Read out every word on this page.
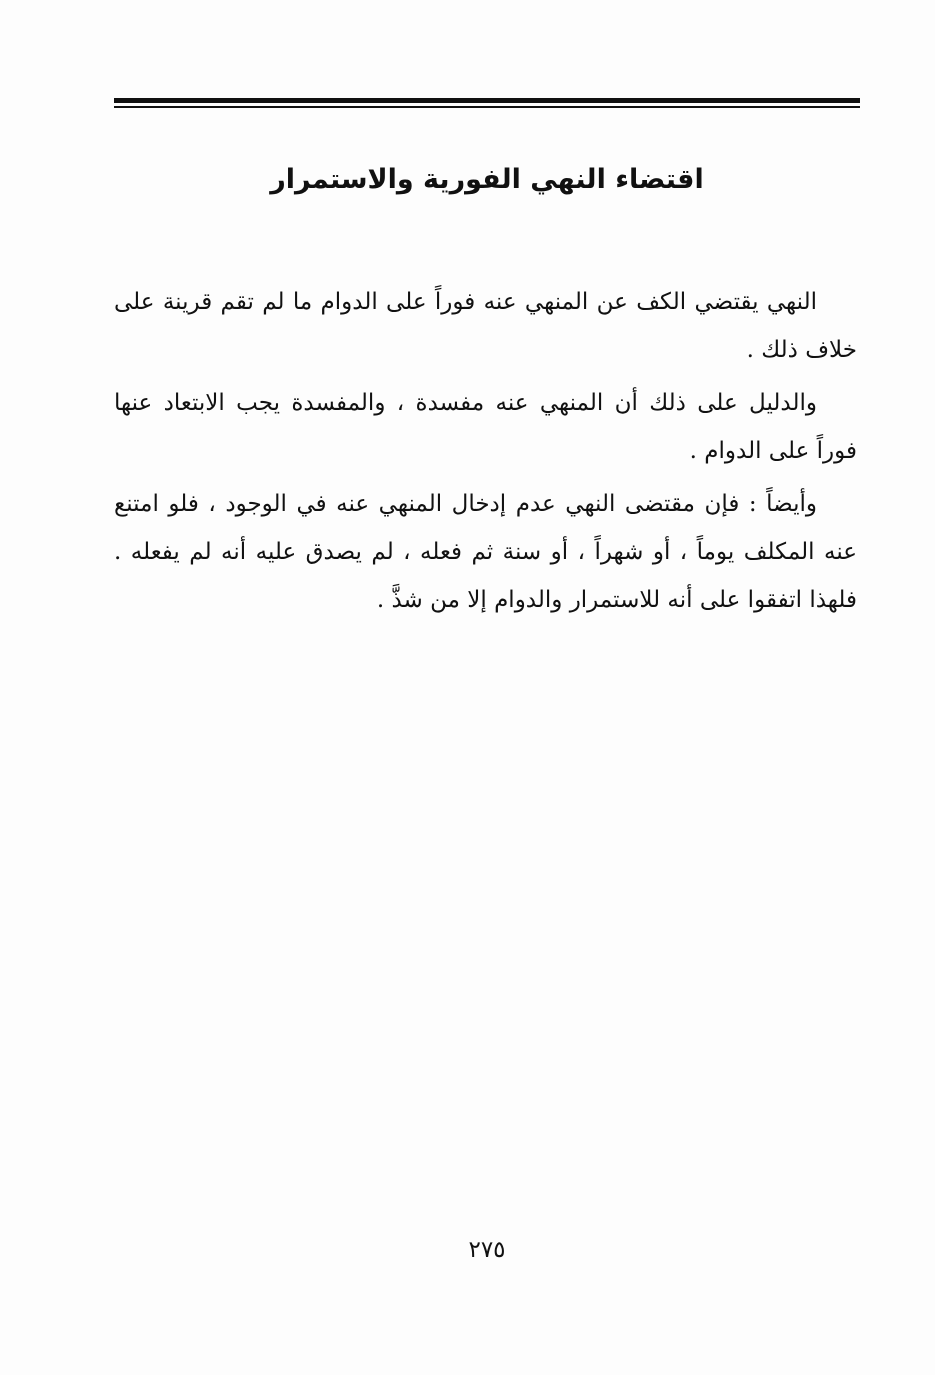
اقتضاء النهي الفورية والاستمرار

النهي يقتضي الكف عن المنهي عنه فوراً على الدوام ما لم تقم قرينة على خلاف ذلك .

والدليل على ذلك أن المنهي عنه مفسدة ، والمفسدة يجب الابتعاد عنها فوراً على الدوام .

وأيضاً : فإن مقتضى النهي عدم إدخال المنهي عنه في الوجود ، فلو امتنع عنه المكلف يوماً ، أو شهراً ، أو سنة ثم فعله ، لم يصدق عليه أنه لم يفعله . فلهذا اتفقوا على أنه للاستمرار والدوام إلا من شذَّ .

٢٧٥
